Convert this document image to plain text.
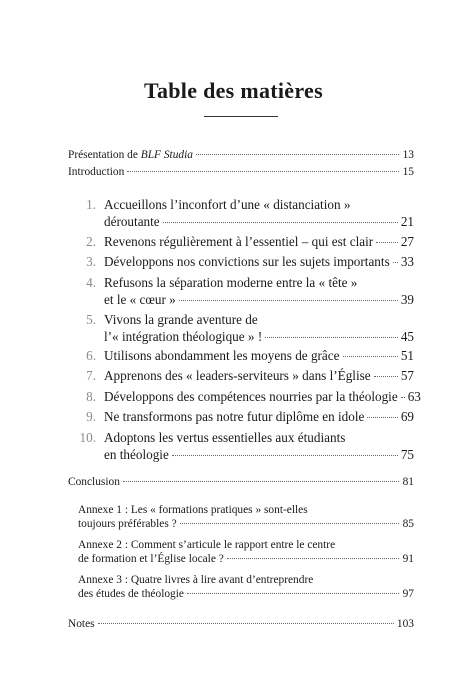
Table des matières
Présentation de BLF Studia	13
Introduction	15
1. Accueillons l’inconfort d’une « distanciation »
déroutante	21
2. Revenons régulièrement à l’essentiel – qui est clair 27
3. Développons nos convictions sur les sujets importants 33
4. Refusons la séparation moderne entre la « tête »
et le « cœur »	39
5. Vivons la grande aventure de
l’« intégration théologique » !	45
6. Utilisons abondamment les moyens de grâce	51
7. Apprenons des « leaders-serviteurs » dans l’Église 57
8. Développons des compétences nourries par la théologie 63
9. Ne transformons pas notre futur diplôme en idole	69
10. Adoptons les vertus essentielles aux étudiants
en théologie	75
Conclusion	81
Annexe 1 : Les « formations pratiques » sont-elles
toujours préférables ?	85
Annexe 2 : Comment s’articule le rapport entre le centre
de formation et l’Église locale ?	91
Annexe 3 : Quatre livres à lire avant d’entreprendre
des études de théologie	97
Notes	103
